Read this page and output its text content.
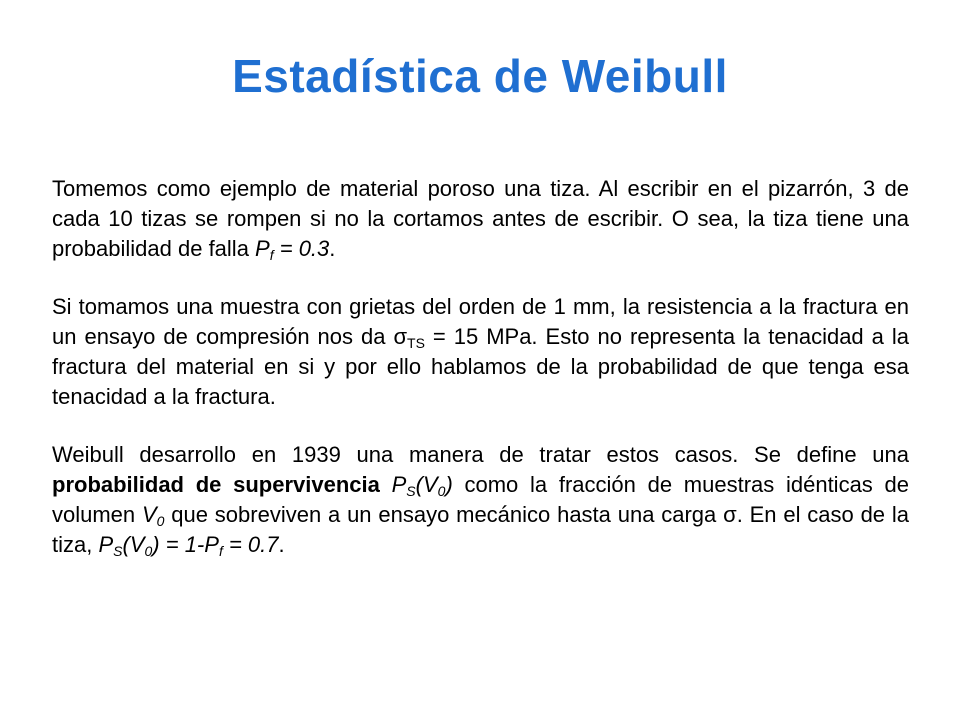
Estadística de Weibull

Tomemos como ejemplo de material poroso una tiza. Al escribir en el pizarrón, 3 de cada 10 tizas se rompen si no la cortamos antes de escribir. O sea, la tiza tiene una probabilidad de falla $P_f = 0.3$.

Si tomamos una muestra con grietas del orden de 1 mm, la resistencia a la fractura en un ensayo de compresión nos da $\sigma_{TS} = 15$ MPa. Esto no representa la tenacidad a la fractura del material en si y por ello hablamos de la probabilidad de que tenga esa tenacidad a la fractura.

Weibull desarrollo en 1939 una manera de tratar estos casos. Se define una probabilidad de supervivencia $P_S(V_0)$ como la fracción de muestras idénticas de volumen $V_0$ que sobreviven a un ensayo mecánico hasta una carga σ. En el caso de la tiza, $P_S(V_0) = 1-P_f = 0.7$.
